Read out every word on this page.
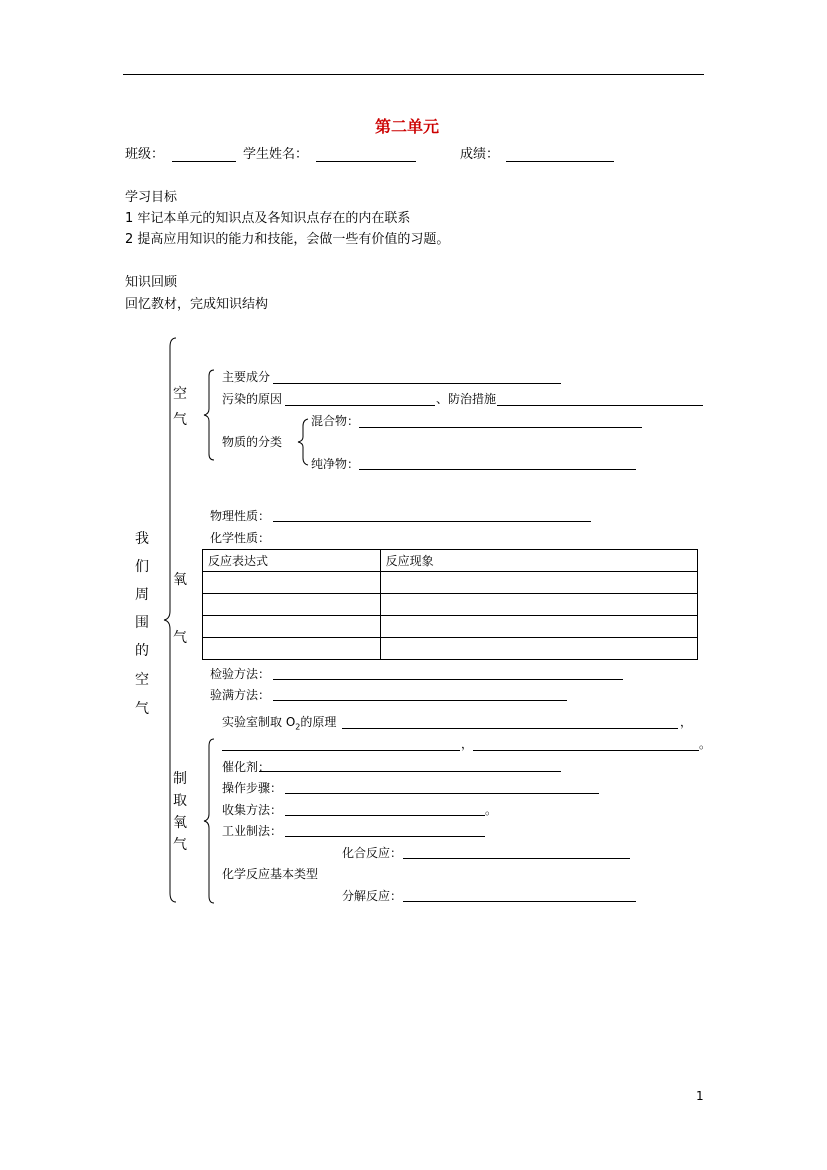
第二单元
班级：	学生姓名：	成绩：
学习目标
1 牢记本单元的知识点及各知识点存在的内在联系
2 提高应用知识的能力和技能，会做一些有价值的习题。
知识回顾
回忆教材，完成知识结构
我
们
周
围
的
空
气
空
气
主要成分
污染的原因	、防治措施
物质的分类
混合物：
纯净物：
氧
气
物理性质：
化学性质：
反应表达式	反应现象

检验方法：
验满方法：
实验室制取 $O_2$的原理	，
，	。
制
取
氧
气
催化剂：
操作步骤：
收集方法：	。
工业制法：
化合反应：
化学反应基本类型
分解反应：
1
